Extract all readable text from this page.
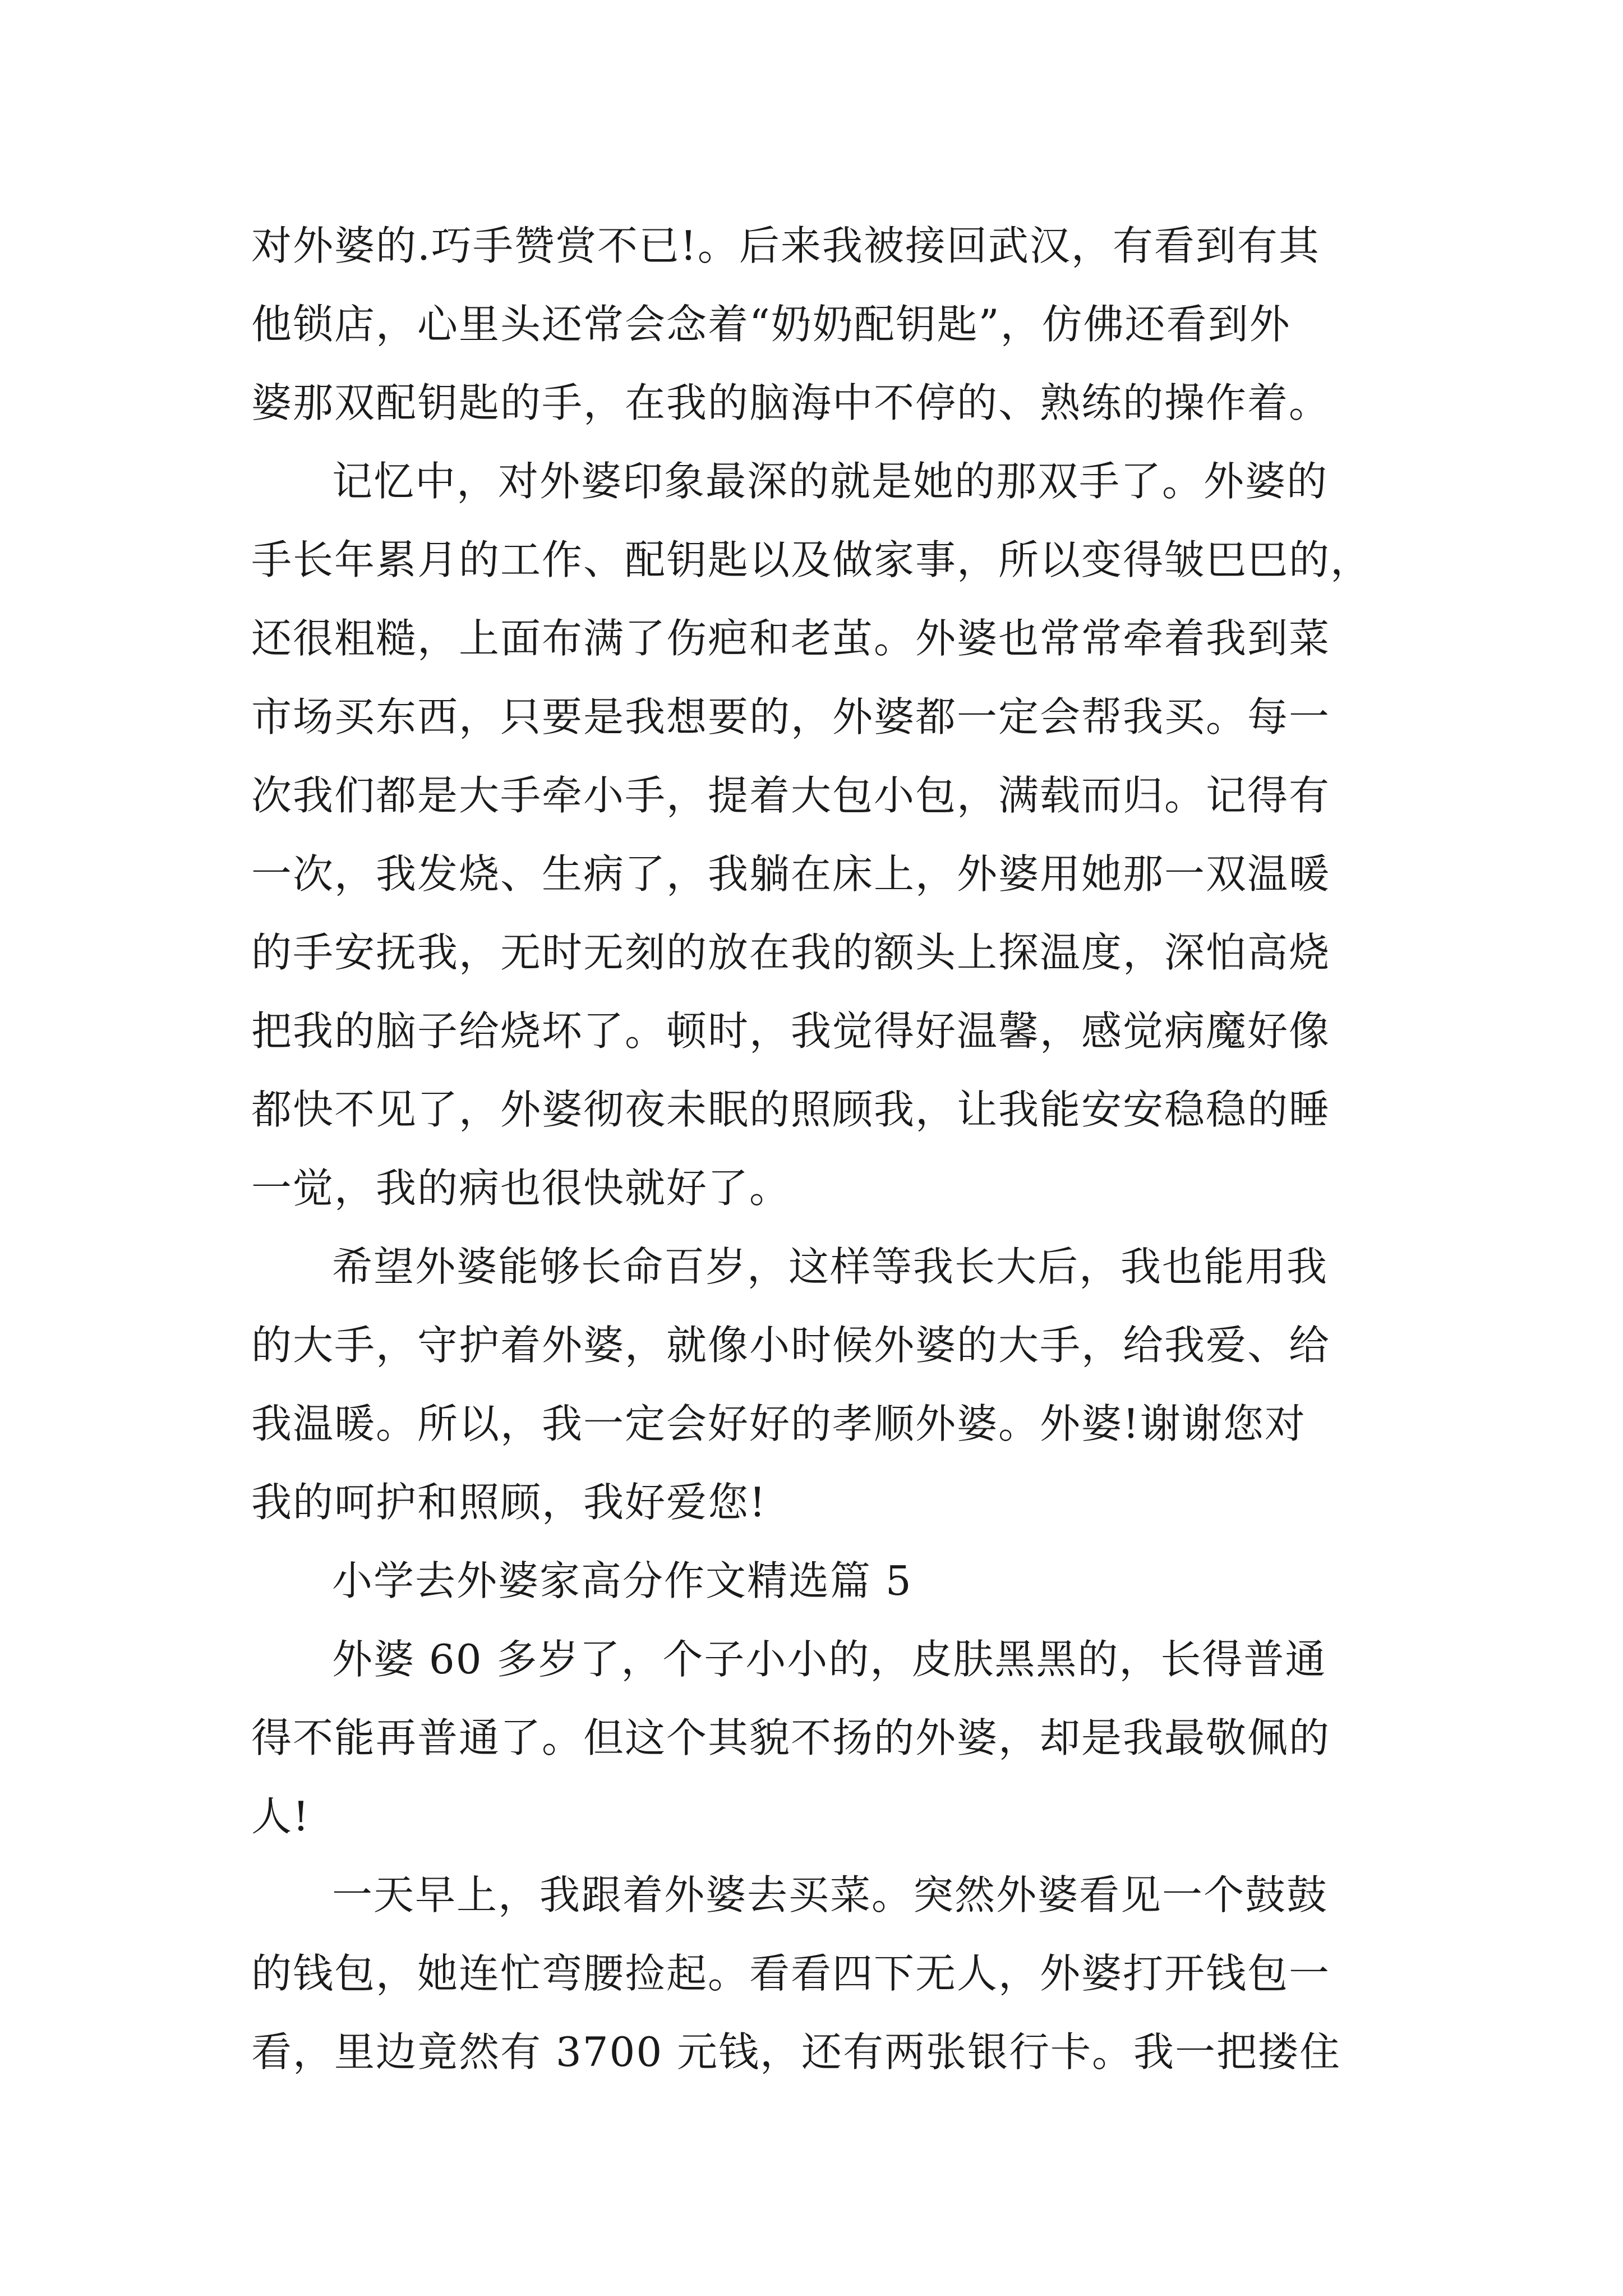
对外婆的.巧手赞赏不已!。后来我被接回武汉，有看到有其
他锁店，心里头还常会念着“奶奶配钥匙”，仿佛还看到外
婆那双配钥匙的手，在我的脑海中不停的、熟练的操作着。
记忆中，对外婆印象最深的就是她的那双手了。外婆的
手长年累月的工作、配钥匙以及做家事，所以变得皱巴巴的，
还很粗糙，上面布满了伤疤和老茧。外婆也常常牵着我到菜
市场买东西，只要是我想要的，外婆都一定会帮我买。每一
次我们都是大手牵小手，提着大包小包，满载而归。记得有
一次，我发烧、生病了，我躺在床上，外婆用她那一双温暖
的手安抚我，无时无刻的放在我的额头上探温度，深怕高烧
把我的脑子给烧坏了。顿时，我觉得好温馨，感觉病魔好像
都快不见了，外婆彻夜未眠的照顾我，让我能安安稳稳的睡
一觉，我的病也很快就好了。
希望外婆能够长命百岁，这样等我长大后，我也能用我
的大手，守护着外婆，就像小时候外婆的大手，给我爱、给
我温暖。所以，我一定会好好的孝顺外婆。外婆!谢谢您对
我的呵护和照顾，我好爱您!
小学去外婆家高分作文精选篇 5
外婆 60 多岁了，个子小小的，皮肤黑黑的，长得普通
得不能再普通了。但这个其貌不扬的外婆，却是我最敬佩的
人!
一天早上，我跟着外婆去买菜。突然外婆看见一个鼓鼓
的钱包，她连忙弯腰捡起。看看四下无人，外婆打开钱包一
看，里边竟然有 3700 元钱，还有两张银行卡。我一把搂住
